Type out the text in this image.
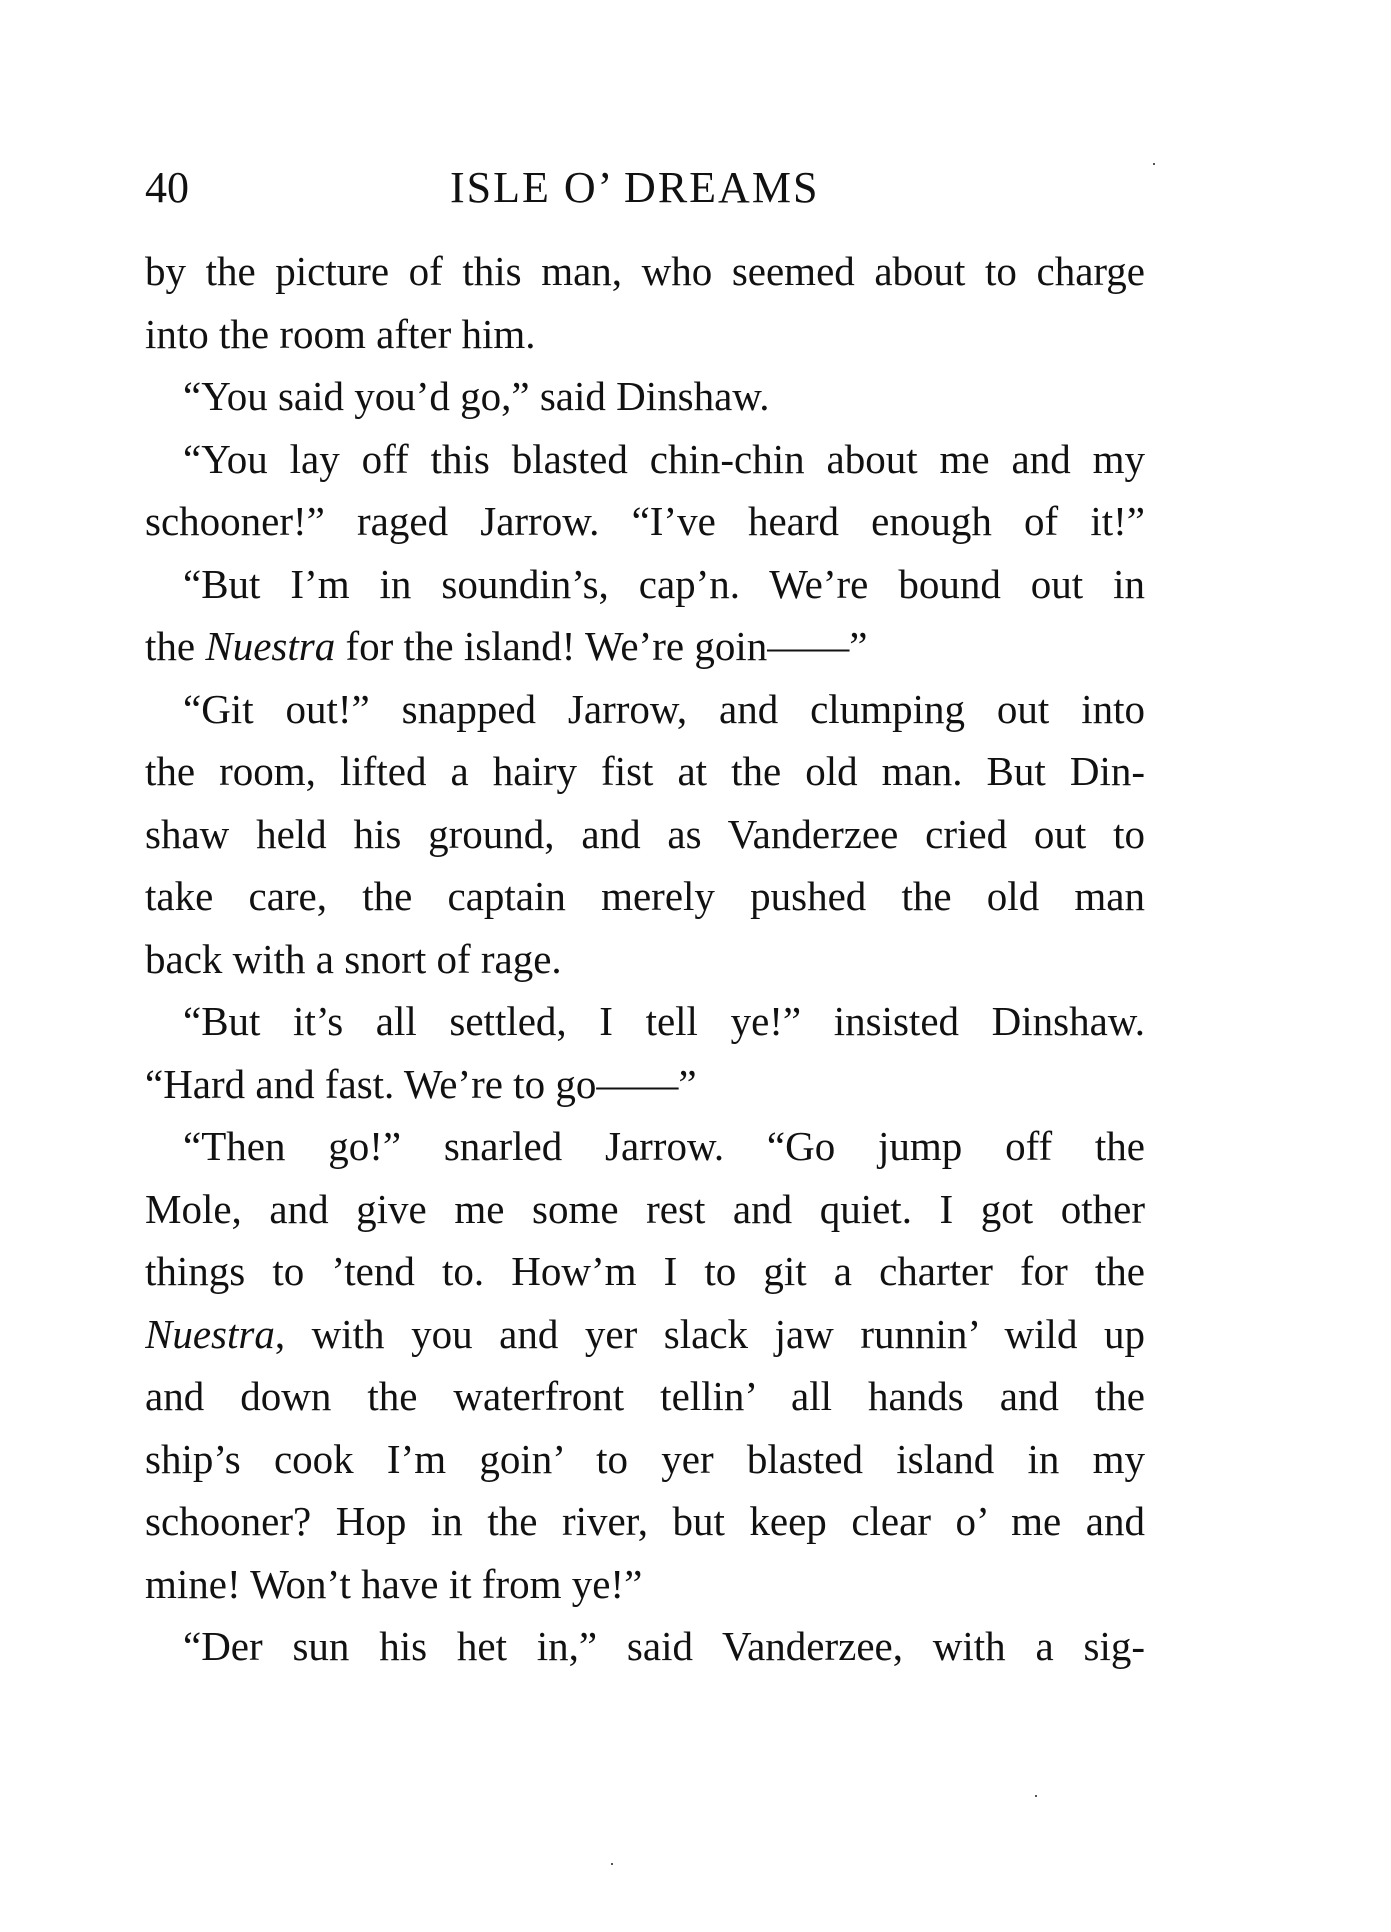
40	ISLE O’ DREAMS
by the picture of this man, who seemed about to charge
into the room after him.
“You said you’d go,” said Dinshaw.
“You lay off this blasted chin-chin about me and my
schooner!” raged Jarrow. “I’ve heard enough of it!”
“But I’m in soundin’s, cap’n. We’re bound out in
the Nuestra for the island! We’re goin——”
“Git out!” snapped Jarrow, and clumping out into
the room, lifted a hairy fist at the old man. But Din-
shaw held his ground, and as Vanderzee cried out to
take care, the captain merely pushed the old man
back with a snort of rage.
“But it’s all settled, I tell ye!” insisted Dinshaw.
“Hard and fast. We’re to go——”
“Then go!” snarled Jarrow. “Go jump off the
Mole, and give me some rest and quiet. I got other
things to ’tend to. How’m I to git a charter for the
Nuestra, with you and yer slack jaw runnin’ wild up
and down the waterfront tellin’ all hands and the
ship’s cook I’m goin’ to yer blasted island in my
schooner? Hop in the river, but keep clear o’ me and
mine! Won’t have it from ye!”
“Der sun his het in,” said Vanderzee, with a sig-
